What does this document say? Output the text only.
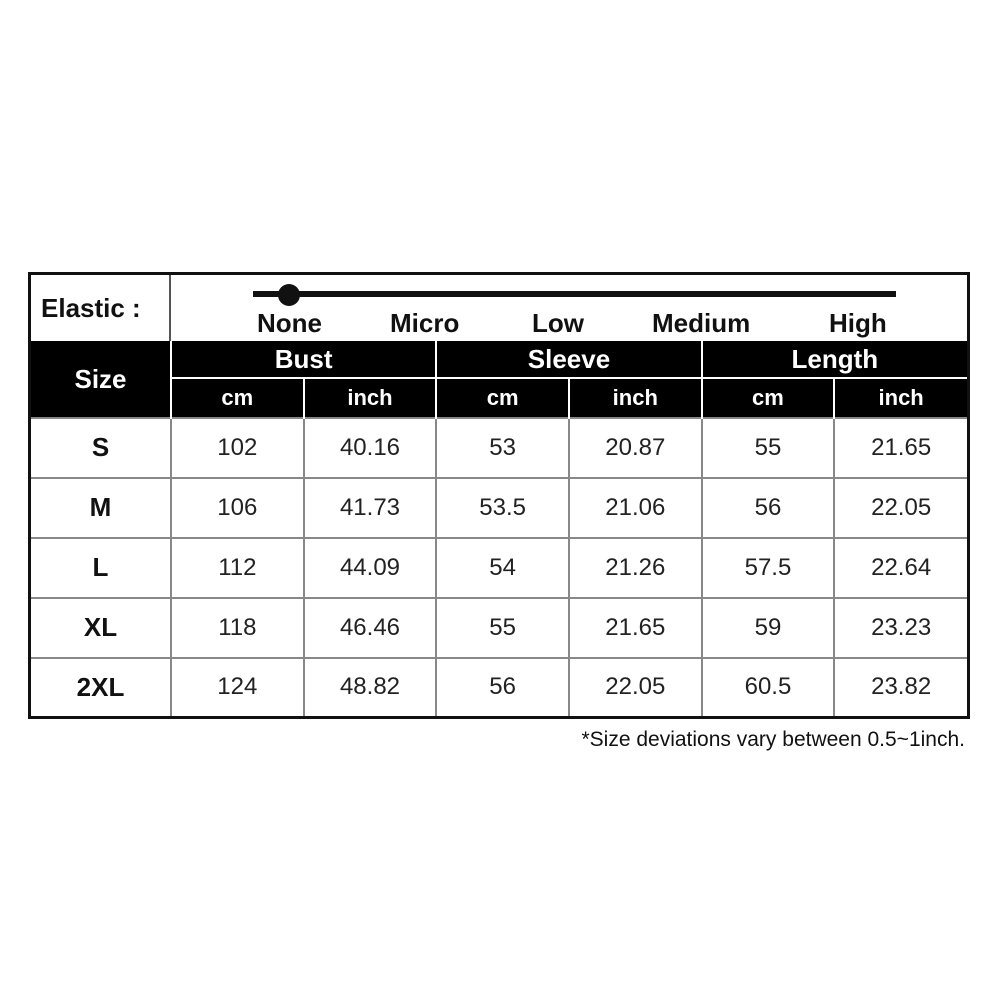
Elastic :
None	Micro	Low	Medium	High
Size	Bust		Sleeve		Length	
	cm	inch	cm	inch	cm	inch
S	102	40.16	53	20.87	55	21.65
M	106	41.73	53.5	21.06	56	22.05
L	112	44.09	54	21.26	57.5	22.64
XL	118	46.46	55	21.65	59	23.23
2XL	124	48.82	56	22.05	60.5	23.82
*Size deviations vary between 0.5~1inch.
